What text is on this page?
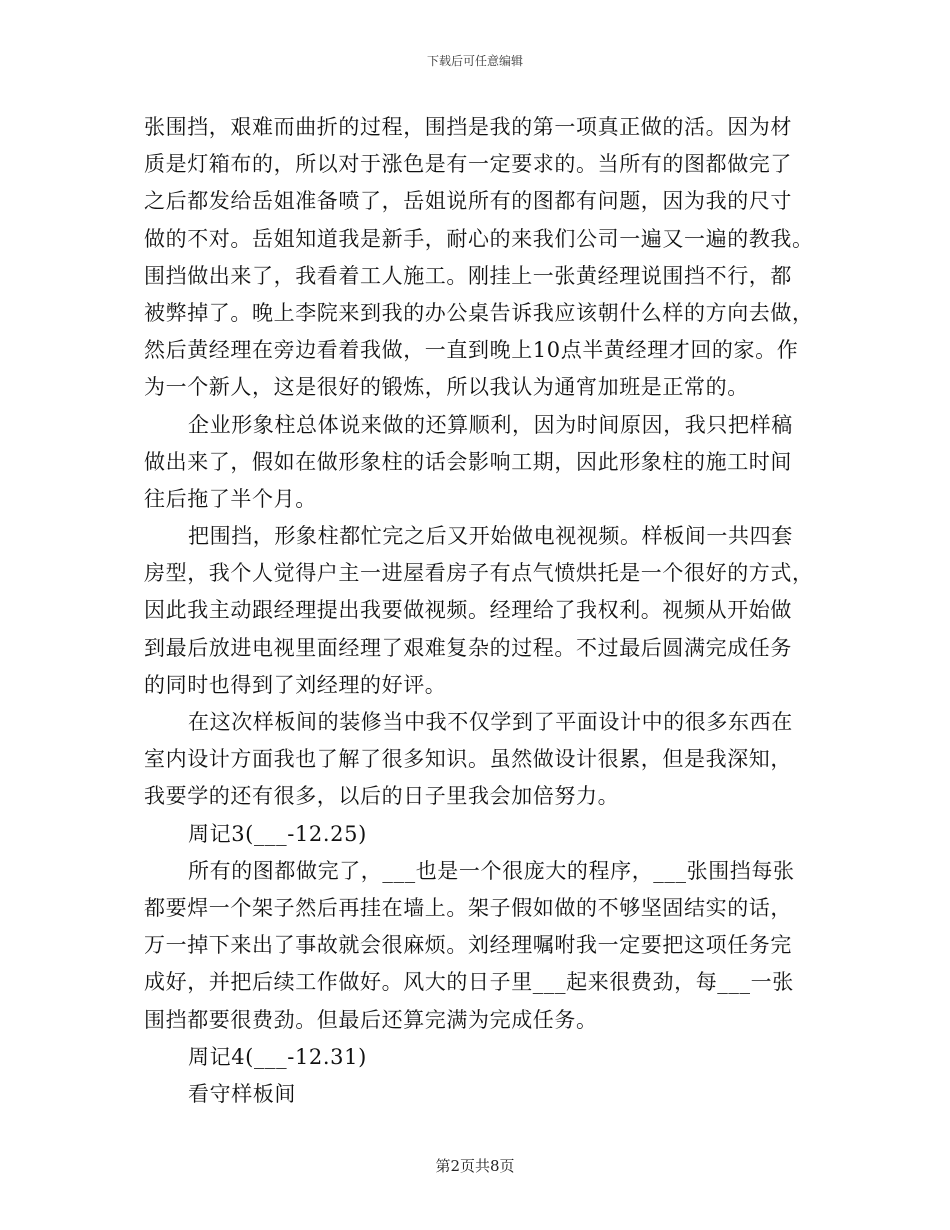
下载后可任意编辑
张围挡，艰难而曲折的过程，围挡是我的第一项真正做的活。因为材
质是灯箱布的，所以对于涨色是有一定要求的。当所有的图都做完了
之后都发给岳姐准备喷了，岳姐说所有的图都有问题，因为我的尺寸
做的不对。岳姐知道我是新手，耐心的来我们公司一遍又一遍的教我。
围挡做出来了，我看着工人施工。刚挂上一张黄经理说围挡不行，都
被弊掉了。晚上李院来到我的办公桌告诉我应该朝什么样的方向去做，
然后黄经理在旁边看着我做，一直到晚上10点半黄经理才回的家。作
为一个新人，这是很好的锻炼，所以我认为通宵加班是正常的。
企业形象柱总体说来做的还算顺利，因为时间原因，我只把样稿
做出来了，假如在做形象柱的话会影响工期，因此形象柱的施工时间
往后拖了半个月。
把围挡，形象柱都忙完之后又开始做电视视频。样板间一共四套
房型，我个人觉得户主一进屋看房子有点气愤烘托是一个很好的方式，
因此我主动跟经理提出我要做视频。经理给了我权利。视频从开始做
到最后放进电视里面经理了艰难复杂的过程。不过最后圆满完成任务
的同时也得到了刘经理的好评。
在这次样板间的装修当中我不仅学到了平面设计中的很多东西在
室内设计方面我也了解了很多知识。虽然做设计很累，但是我深知，
我要学的还有很多，以后的日子里我会加倍努力。
周记3(___-12.25)
所有的图都做完了，___也是一个很庞大的程序，___张围挡每张
都要焊一个架子然后再挂在墙上。架子假如做的不够坚固结实的话，
万一掉下来出了事故就会很麻烦。刘经理嘱咐我一定要把这项任务完
成好，并把后续工作做好。风大的日子里___起来很费劲，每___一张
围挡都要很费劲。但最后还算完满为完成任务。
周记4(___-12.31)
看守样板间
第2页共8页
